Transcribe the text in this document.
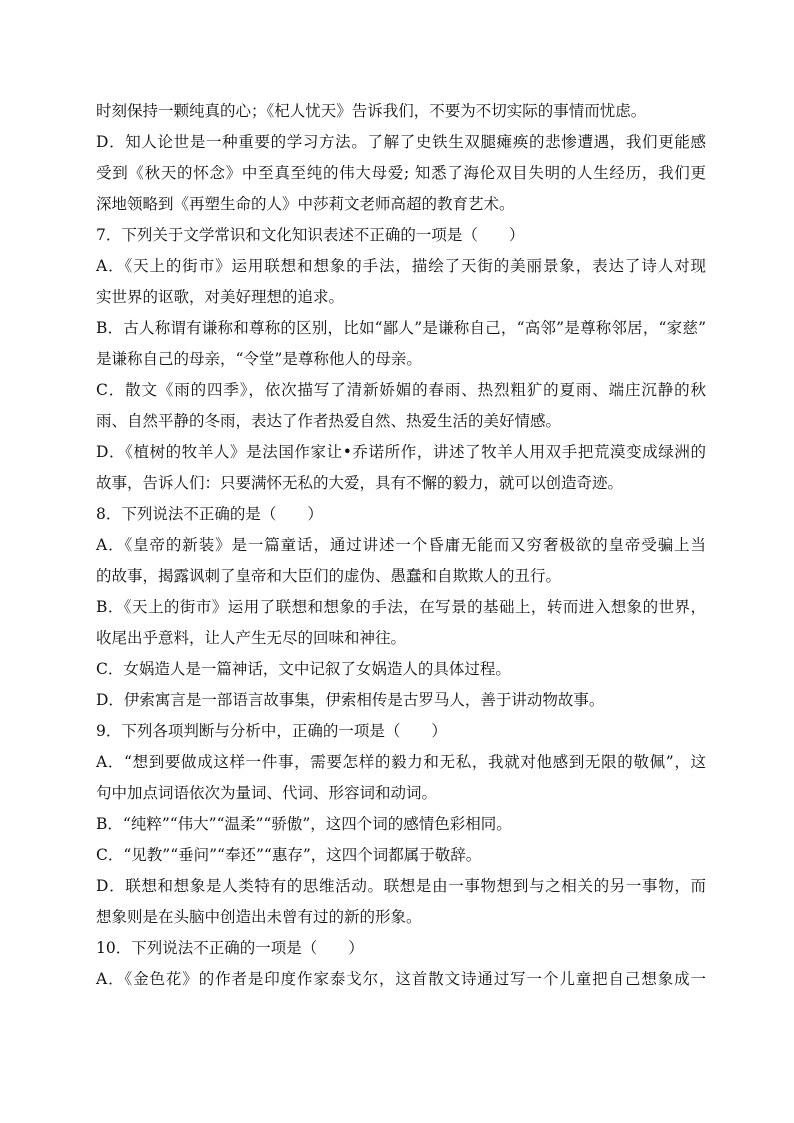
时刻保持一颗纯真的心；《杞人忧天》告诉我们，不要为不切实际的事情而忧虑。
D．知人论世是一种重要的学习方法。了解了史铁生双腿瘫痪的悲惨遭遇，我们更能感
受到《秋天的怀念》中至真至纯的伟大母爱; 知悉了海伦双目失明的人生经历，我们更
深地领略到《再塑生命的人》中莎莉文老师高超的教育艺术。
7．下列关于文学常识和文化知识表述不正确的一项是（　　）
A．《天上的街市》运用联想和想象的手法，描绘了天街的美丽景象，表达了诗人对现
实世界的讴歌，对美好理想的追求。
B．古人称谓有谦称和尊称的区别，比如“鄙人”是谦称自己，“高邻”是尊称邻居，“家慈”
是谦称自己的母亲，“令堂”是尊称他人的母亲。
C．散文《雨的四季》，依次描写了清新娇媚的春雨、热烈粗犷的夏雨、端庄沉静的秋
雨、自然平静的冬雨，表达了作者热爱自然、热爱生活的美好情感。
D．《植树的牧羊人》是法国作家让•乔诺所作，讲述了牧羊人用双手把荒漠变成绿洲的
故事，告诉人们：只要满怀无私的大爱，具有不懈的毅力，就可以创造奇迹。
8．下列说法不正确的是（　　）
A．《皇帝的新装》是一篇童话，通过讲述一个昏庸无能而又穷奢极欲的皇帝受骗上当
的故事，揭露讽刺了皇帝和大臣们的虚伪、愚蠢和自欺欺人的丑行。
B．《天上的街市》运用了联想和想象的手法，在写景的基础上，转而进入想象的世界，
收尾出乎意料，让人产生无尽的回味和神往。
C．女娲造人是一篇神话，文中记叙了女娲造人的具体过程。
D．伊索寓言是一部语言故事集，伊索相传是古罗马人，善于讲动物故事。
9．下列各项判断与分析中，正确的一项是（　　）
A．“想到要做成这样一件事，需要怎样的毅力和无私，我就对他感到无限的敬佩”，这
句中加点词语依次为量词、代词、形容词和动词。
B．“纯粹”“伟大”“温柔”“骄傲”，这四个词的感情色彩相同。
C．“见教”“垂问”“奉还”“惠存”，这四个词都属于敬辞。
D．联想和想象是人类特有的思维活动。联想是由一事物想到与之相关的另一事物，而
想象则是在头脑中创造出未曾有过的新的形象。
10．下列说法不正确的一项是（　　）
A．《金色花》的作者是印度作家泰戈尔，这首散文诗通过写一个儿童把自己想象成一
